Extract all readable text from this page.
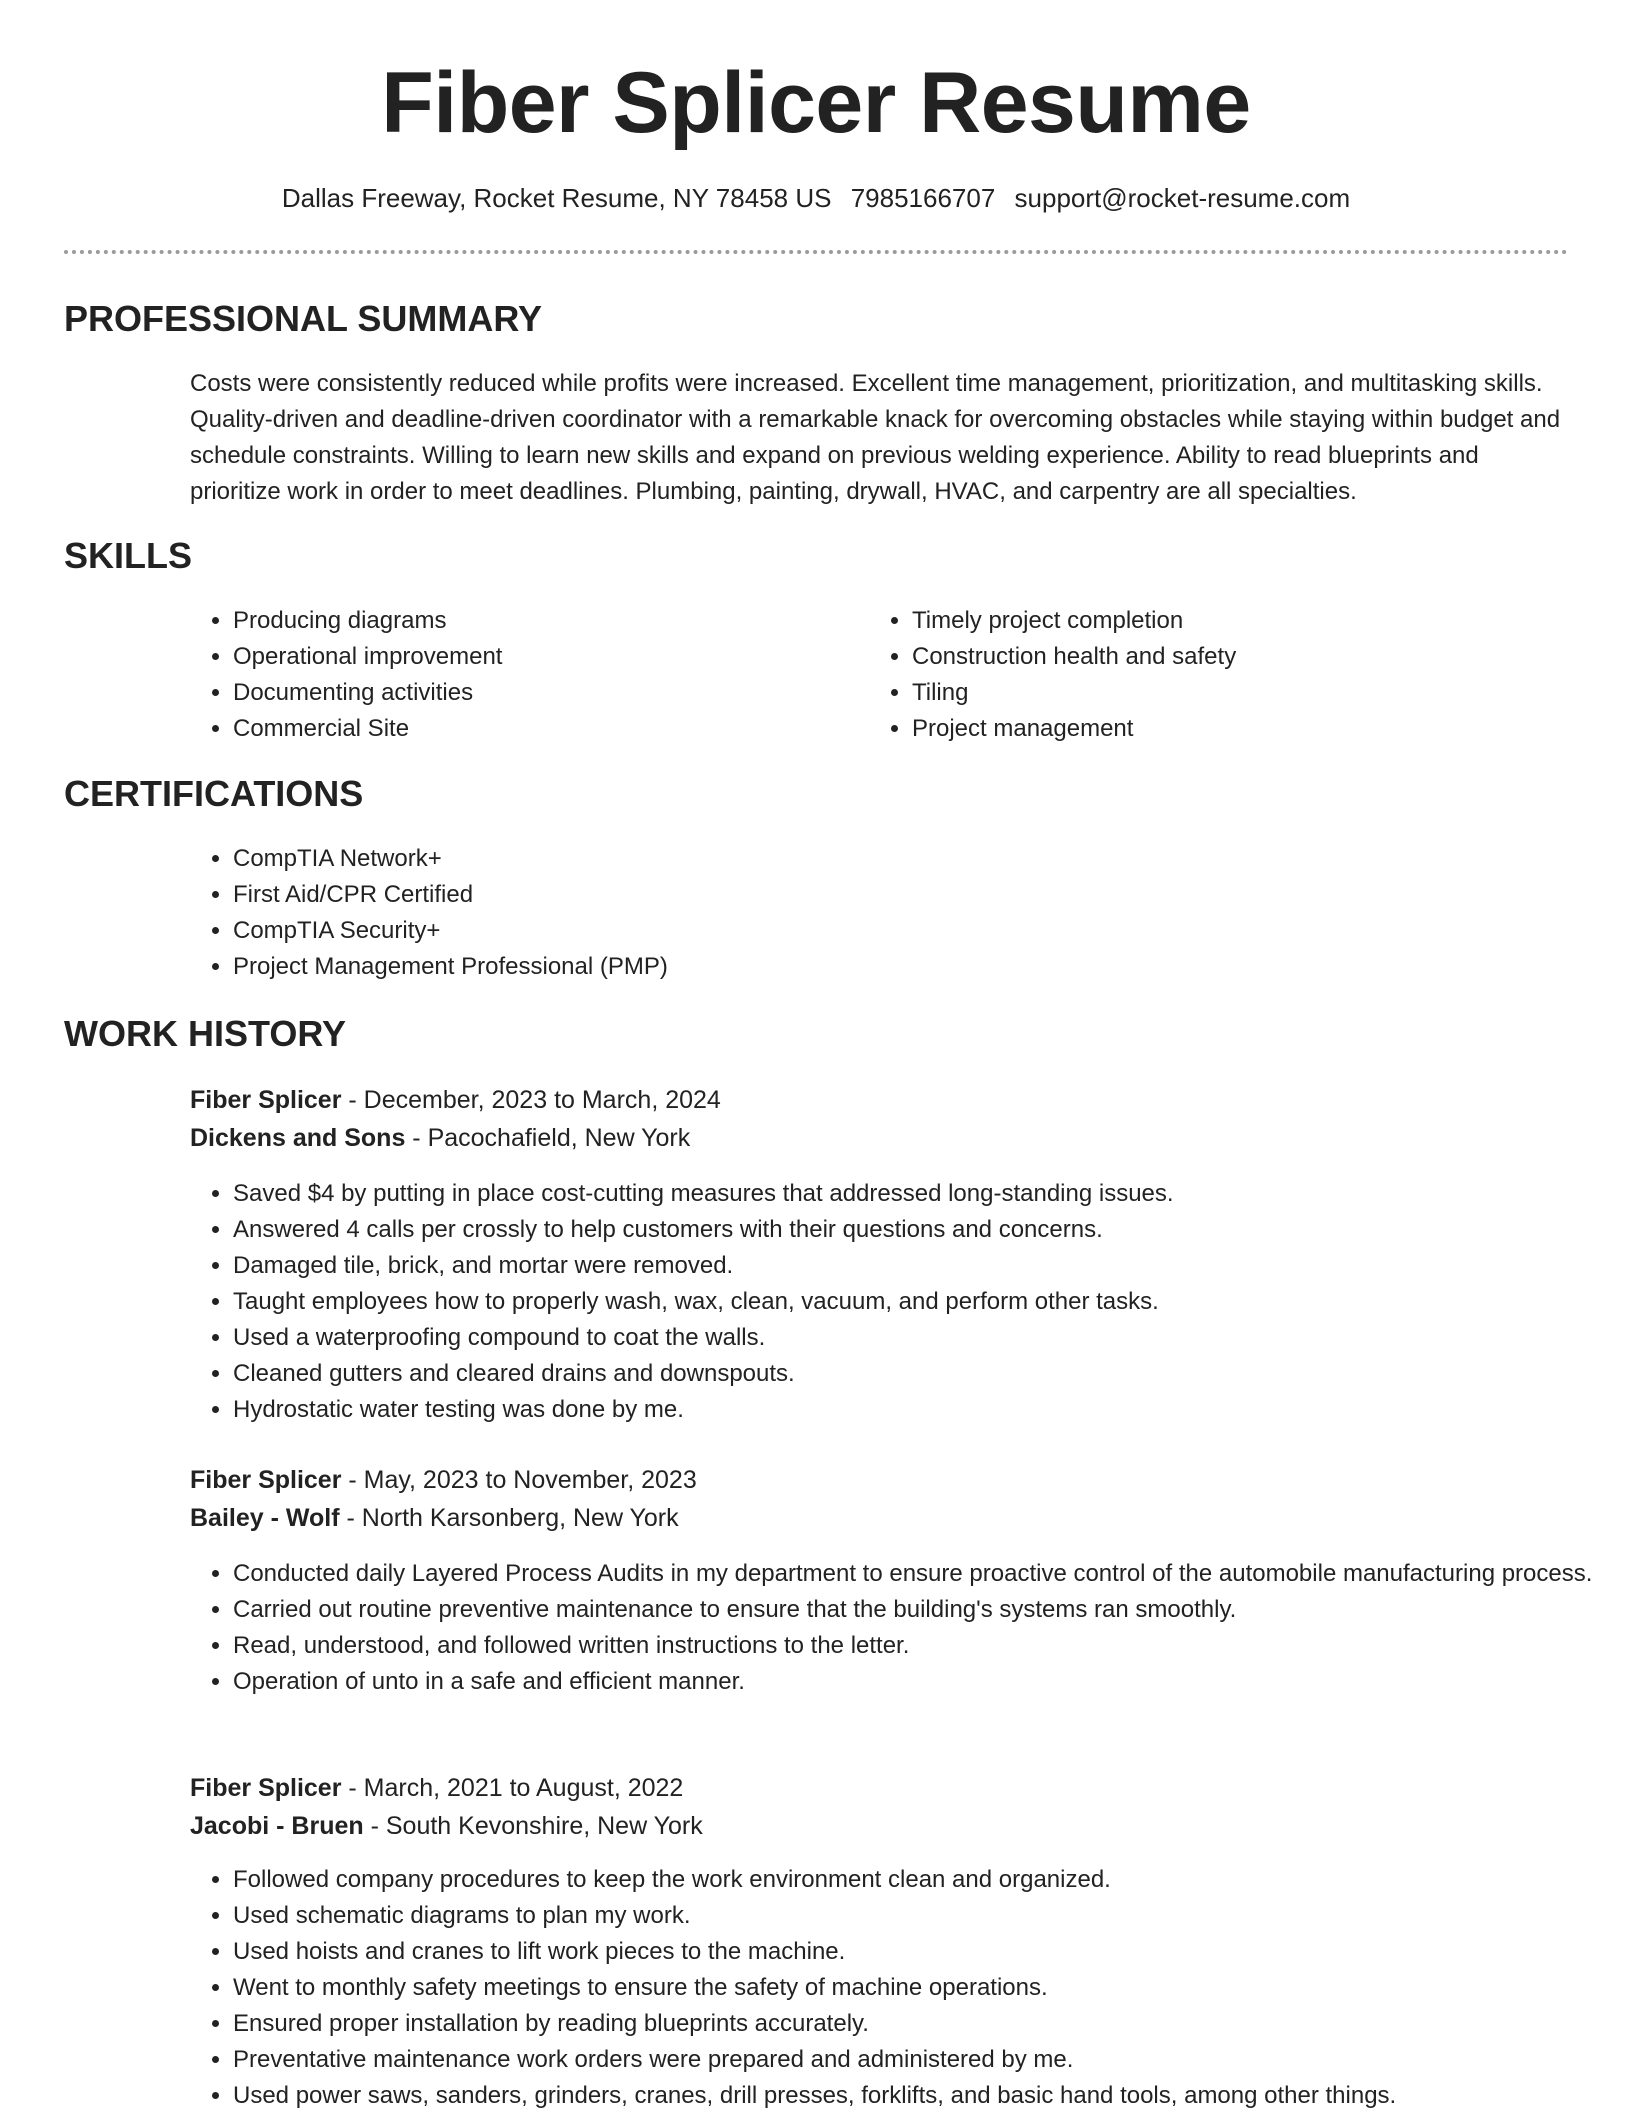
Fiber Splicer Resume
Dallas Freeway, Rocket Resume, NY 78458 US 7985166707 support@rocket-resume.com
PROFESSIONAL SUMMARY

Costs were consistently reduced while profits were increased. Excellent time management, prioritization, and multitasking skills. Quality-driven and deadline-driven coordinator with a remarkable knack for overcoming obstacles while staying within budget and schedule constraints. Willing to learn new skills and expand on previous welding experience. Ability to read blueprints and prioritize work in order to meet deadlines. Plumbing, painting, drywall, HVAC, and carpentry are all specialties.

SKILLS
• Producing diagrams
• Operational improvement
• Documenting activities
• Commercial Site
• Timely project completion
• Construction health and safety
• Tiling
• Project management
CERTIFICATIONS
• CompTIA Network+
• First Aid/CPR Certified
• CompTIA Security+
• Project Management Professional (PMP)
WORK HISTORY
Fiber Splicer - December, 2023 to March, 2024
Dickens and Sons - Pacochafield, New York
• Saved $4 by putting in place cost-cutting measures that addressed long-standing issues.
• Answered 4 calls per crossly to help customers with their questions and concerns.
• Damaged tile, brick, and mortar were removed.
• Taught employees how to properly wash, wax, clean, vacuum, and perform other tasks.
• Used a waterproofing compound to coat the walls.
• Cleaned gutters and cleared drains and downspouts.
• Hydrostatic water testing was done by me.
Fiber Splicer - May, 2023 to November, 2023
Bailey - Wolf - North Karsonberg, New York
• Conducted daily Layered Process Audits in my department to ensure proactive control of the automobile manufacturing process.
• Carried out routine preventive maintenance to ensure that the building's systems ran smoothly.
• Read, understood, and followed written instructions to the letter.
• Operation of unto in a safe and efficient manner.
Fiber Splicer - March, 2021 to August, 2022
Jacobi - Bruen - South Kevonshire, New York
• Followed company procedures to keep the work environment clean and organized.
• Used schematic diagrams to plan my work.
• Used hoists and cranes to lift work pieces to the machine.
• Went to monthly safety meetings to ensure the safety of machine operations.
• Ensured proper installation by reading blueprints accurately.
• Preventative maintenance work orders were prepared and administered by me.
• Used power saws, sanders, grinders, cranes, drill presses, forklifts, and basic hand tools, among other things.
